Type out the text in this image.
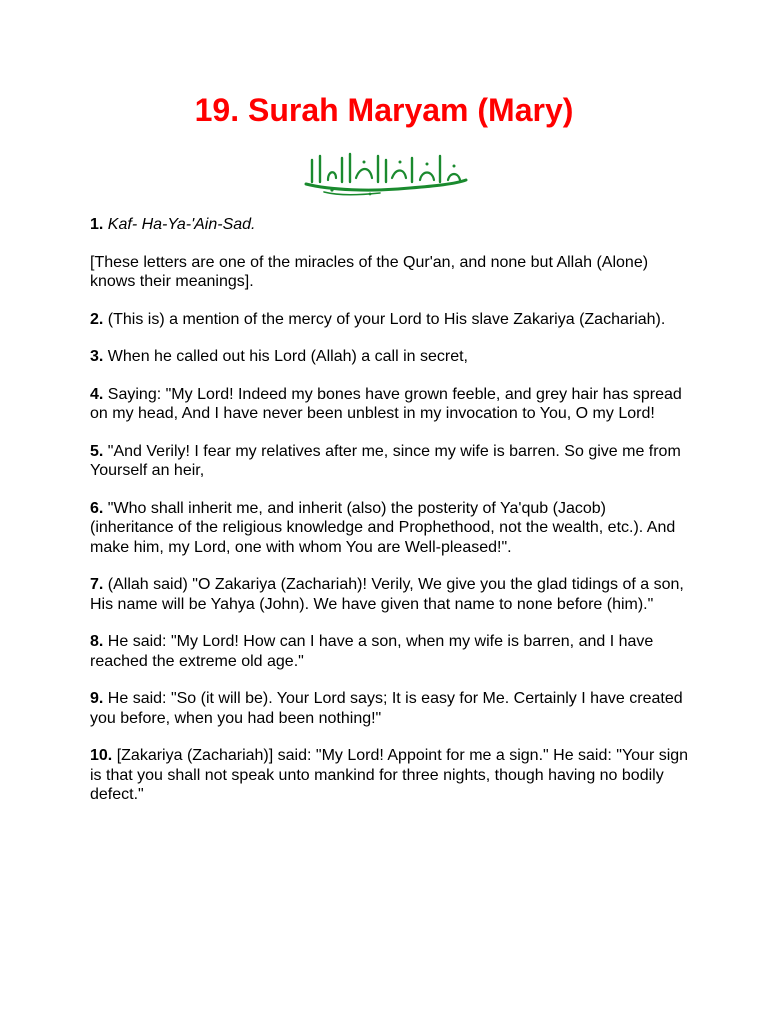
19. Surah Maryam (Mary)
بسم الله الرحمن الرحيم

1. Kaf- Ha-Ya-'Ain-Sad.

[These letters are one of the miracles of the Qur'an, and none but Allah (Alone) knows their meanings].

2. (This is) a mention of the mercy of your Lord to His slave Zakariya (Zachariah).

3. When he called out his Lord (Allah) a call in secret,

4. Saying: "My Lord! Indeed my bones have grown feeble, and grey hair has spread on my head, And I have never been unblest in my invocation to You, O my Lord!

5. "And Verily! I fear my relatives after me, since my wife is barren. So give me from Yourself an heir,

6. "Who shall inherit me, and inherit (also) the posterity of Ya'qub (Jacob) (inheritance of the religious knowledge and Prophethood, not the wealth, etc.). And make him, my Lord, one with whom You are Well-pleased!".

7. (Allah said) "O Zakariya (Zachariah)! Verily, We give you the glad tidings of a son, His name will be Yahya (John). We have given that name to none before (him)."

8. He said: "My Lord! How can I have a son, when my wife is barren, and I have reached the extreme old age."

9. He said: "So (it will be). Your Lord says; It is easy for Me. Certainly I have created you before, when you had been nothing!"

10. [Zakariya (Zachariah)] said: "My Lord! Appoint for me a sign." He said: "Your sign is that you shall not speak unto mankind for three nights, though having no bodily defect."
